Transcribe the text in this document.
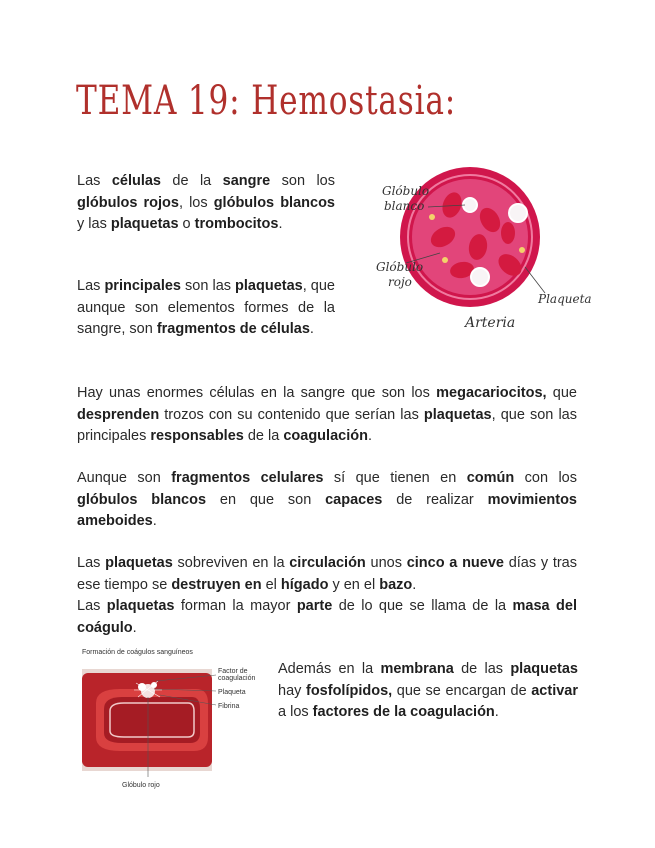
TEMA 19: Hemostasia:
Glóbulo
blanco
Glóbulo
rojo
Plaqueta
Arteria

Las células de la sangre son los glóbulos rojos, los glóbulos blancos y las plaquetas o trombocitos.

Las principales son las plaquetas, que aunque son elementos formes de la sangre, son fragmentos de células.

Hay unas enormes células en la sangre que son los megacariocitos, que desprenden trozos con su contenido que serían las plaquetas, que son las principales responsables de la coagulación.

Aunque son fragmentos celulares sí que tienen en común con los glóbulos blancos en que son capaces de realizar movimientos ameboides.

Las plaquetas sobreviven en la circulación unos cinco a nueve días y tras ese tiempo se destruyen en el hígado y en el bazo.
Las plaquetas forman la mayor parte de lo que se llama de la masa del coágulo.

Formación de coágulos sanguíneos
Factor de
coagulación
Plaqueta
Fibrina
Glóbulo rojo

Además en la membrana de las plaquetas hay fosfolípidos, que se encargan de activar a los factores de la coagulación.
